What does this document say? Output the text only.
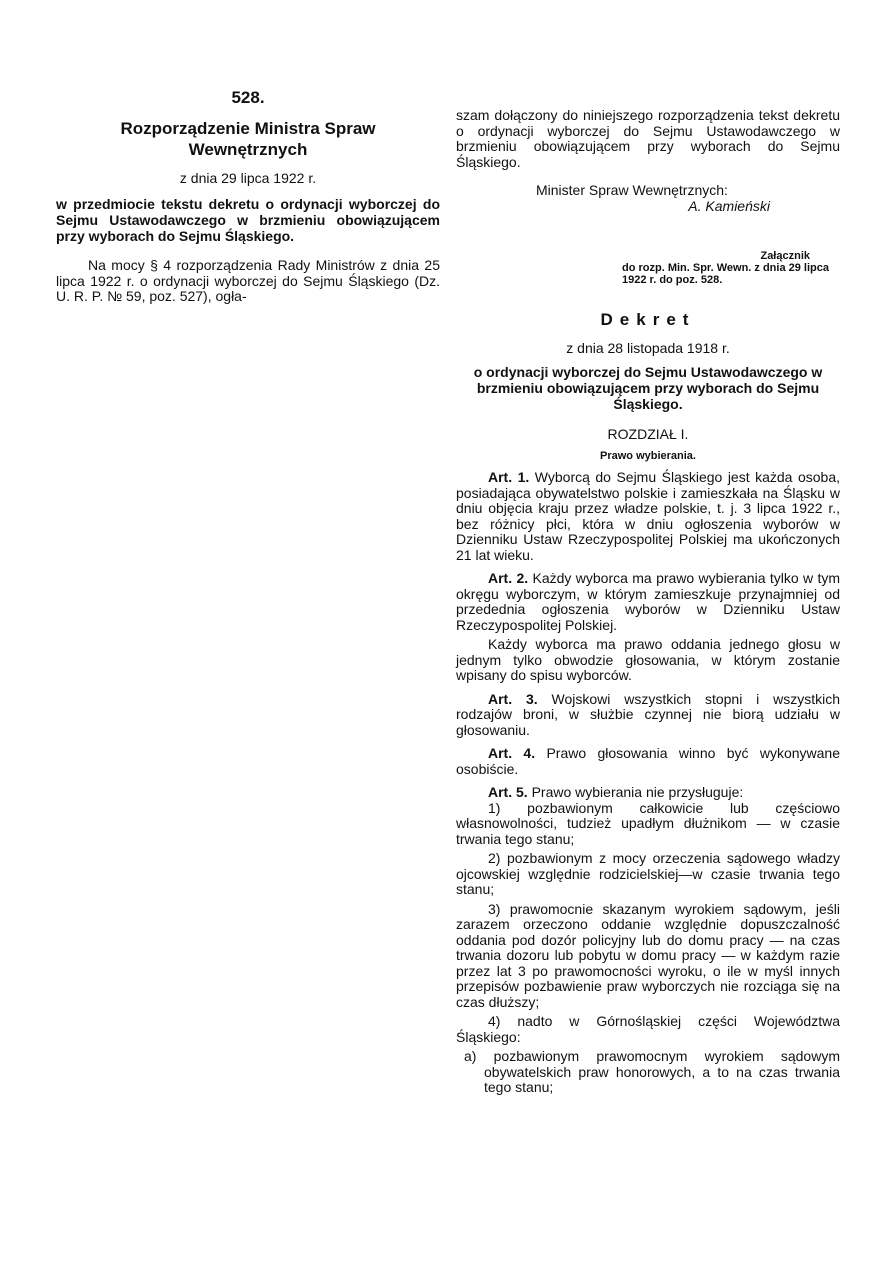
528.

Rozporządzenie Ministra Spraw Wewnętrznych

z dnia 29 lipca 1922 r.

w przedmiocie tekstu dekretu o ordynacji wyborczej do Sejmu Ustawodawczego w brzmieniu obowiązującem przy wyborach do Sejmu Śląskiego.

Na mocy § 4 rozporządzenia Rady Ministrów z dnia 25 lipca 1922 r. o ordynacji wyborczej do Sejmu Śląskiego (Dz. U. R. P. № 59, poz. 527), ogła-

szam dołączony do niniejszego rozporządzenia tekst dekretu o ordynacji wyborczej do Sejmu Ustawodawczego w brzmieniu obowiązującem przy wyborach do Sejmu Śląskiego.

Minister Spraw Wewnętrznych:

A. Kamieński

Załącznik

do rozp. Min. Spr. Wewn. z dnia 29 lipca 1922 r. do poz. 528.

Dekret

z dnia 28 listopada 1918 r.

o ordynacji wyborczej do Sejmu Ustawodawczego w brzmieniu obowiązującem przy wyborach do Sejmu Śląskiego.

ROZDZIAŁ I.

Prawo wybierania.

Art. 1. Wyborcą do Sejmu Śląskiego jest każda osoba, posiadająca obywatelstwo polskie i zamieszkała na Śląsku w dniu objęcia kraju przez władze polskie, t. j. 3 lipca 1922 r., bez różnicy płci, która w dniu ogłoszenia wyborów w Dzienniku Ustaw Rzeczypospolitej Polskiej ma ukończonych 21 lat wieku.

Art. 2. Każdy wyborca ma prawo wybierania tylko w tym okręgu wyborczym, w którym zamieszkuje przynajmniej od przedednia ogłoszenia wyborów w Dzienniku Ustaw Rzeczypospolitej Polskiej.

Każdy wyborca ma prawo oddania jednego głosu w jednym tylko obwodzie głosowania, w którym zostanie wpisany do spisu wyborców.

Art. 3. Wojskowi wszystkich stopni i wszystkich rodzajów broni, w służbie czynnej nie biorą udziału w głosowaniu.

Art. 4. Prawo głosowania winno być wykonywane osobiście.

Art. 5. Prawo wybierania nie przysługuje:

1) pozbawionym całkowicie lub częściowo własnowolności, tudzież upadłym dłużnikom — w czasie trwania tego stanu;

2) pozbawionym z mocy orzeczenia sądowego władzy ojcowskiej względnie rodzicielskiej—w czasie trwania tego stanu;

3) prawomocnie skazanym wyrokiem sądowym, jeśli zarazem orzeczono oddanie względnie dopuszczalność oddania pod dozór policyjny lub do domu pracy — na czas trwania dozoru lub pobytu w domu pracy — w każdym razie przez lat 3 po prawomocności wyroku, o ile w myśl innych przepisów pozbawienie praw wyborczych nie rozciąga się na czas dłuższy;

4) nadto w Górnośląskiej części Województwa Śląskiego:

a) pozbawionym prawomocnym wyrokiem sądowym obywatelskich praw honorowych, a to na czas trwania tego stanu;
